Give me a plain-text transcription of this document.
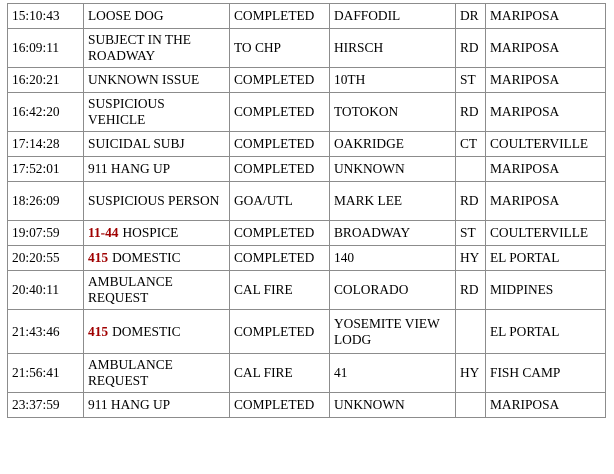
15:10:43	LOOSE DOG	COMPLETED	DAFFODIL	DR	MARIPOSA
16:09:11	SUBJECT IN THE ROADWAY	TO CHP	HIRSCH	RD	MARIPOSA
16:20:21	UNKNOWN ISSUE	COMPLETED	10TH	ST	MARIPOSA
16:42:20	SUSPICIOUS VEHICLE	COMPLETED	TOTOKON	RD	MARIPOSA
17:14:28	SUICIDAL SUBJ	COMPLETED	OAKRIDGE	CT	COULTERVILLE
17:52:01	911 HANG UP	COMPLETED	UNKNOWN		MARIPOSA
18:26:09	SUSPICIOUS PERSON	GOA/UTL	MARK LEE	RD	MARIPOSA
19:07:59	11-44 HOSPICE	COMPLETED	BROADWAY	ST	COULTERVILLE
20:20:55	415 DOMESTIC	COMPLETED	140	HY	EL PORTAL
20:40:11	AMBULANCE REQUEST	CAL FIRE	COLORADO	RD	MIDPINES
21:43:46	415 DOMESTIC	COMPLETED	YOSEMITE VIEW LODG		EL PORTAL
21:56:41	AMBULANCE REQUEST	CAL FIRE	41	HY	FISH CAMP
23:37:59	911 HANG UP	COMPLETED	UNKNOWN		MARIPOSA
